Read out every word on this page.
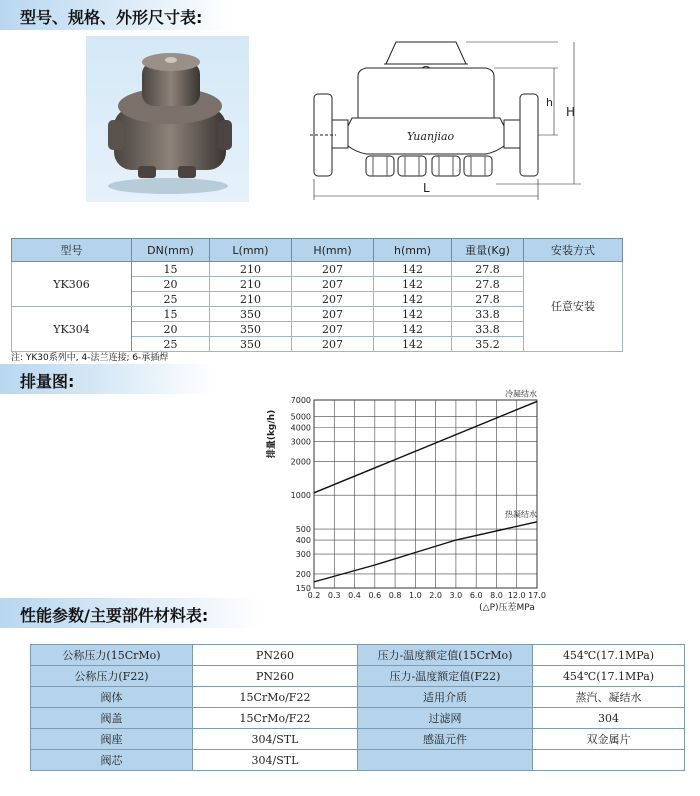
型号、规格、外形尺寸表:
Yuanjiao
h
H
L
型号	DN(mm)	L(mm)	H(mm)	h(mm)	重量(Kg)	安装方式
YK306	15	210	207	142	27.8	任意安装
	20	210	207	142	27.8	
	25	210	207	142	27.8	
YK304	15	350	207	142	33.8	
	20	350	207	142	33.8	
	25	350	207	142	35.2	
注: YK30系列中, 4-法兰连接; 6-承插焊
排量图:
0.2 0.3 0.4 0.6 0.8 1.0 2.0 3.0 6.0 8.0 12.0 17.0
7000
5000
4000
3000
2000
1000
500
400
300
200
150
冷凝结水
热凝结水
排量(kg/h)
(△P)压差MPa
性能参数/主要部件材料表:
公称压力(15CrMo)	PN260	压力-温度额定值(15CrMo)	454℃(17.1MPa)
公称压力(F22)	PN260	压力-温度额定值(F22)	454℃(17.1MPa)
阀体	15CrMo/F22	适用介质	蒸汽、凝结水
阀盖	15CrMo/F22	过滤网	304
阀座	304/STL	感温元件	双金属片
阀芯	304/STL		
